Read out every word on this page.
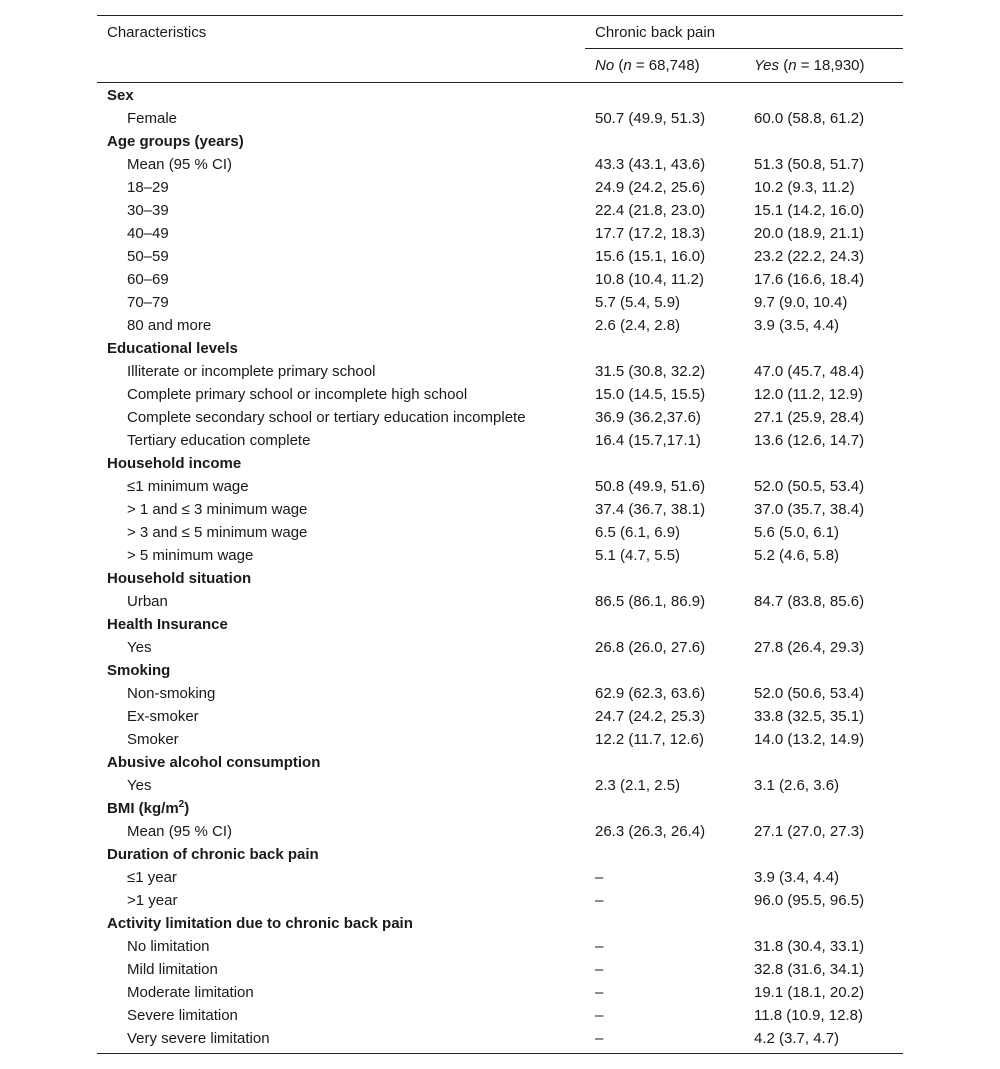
Characteristics	Chronic back pain
No (n = 68,748)	Yes (n = 18,930)
Sex
Female	50.7 (49.9, 51.3)	60.0 (58.8, 61.2)
Age groups (years)
Mean (95 % CI)	43.3 (43.1, 43.6)	51.3 (50.8, 51.7)
18–29	24.9 (24.2, 25.6)	10.2 (9.3, 11.2)
30–39	22.4 (21.8, 23.0)	15.1 (14.2, 16.0)
40–49	17.7 (17.2, 18.3)	20.0 (18.9, 21.1)
50–59	15.6 (15.1, 16.0)	23.2 (22.2, 24.3)
60–69	10.8 (10.4, 11.2)	17.6 (16.6, 18.4)
70–79	5.7 (5.4, 5.9)	9.7 (9.0, 10.4)
80 and more	2.6 (2.4, 2.8)	3.9 (3.5, 4.4)
Educational levels
Illiterate or incomplete primary school	31.5 (30.8, 32.2)	47.0 (45.7, 48.4)
Complete primary school or incomplete high school	15.0 (14.5, 15.5)	12.0 (11.2, 12.9)
Complete secondary school or tertiary education incomplete	36.9 (36.2,37.6)	27.1 (25.9, 28.4)
Tertiary education complete	16.4 (15.7,17.1)	13.6 (12.6, 14.7)
Household income
≤1 minimum wage	50.8 (49.9, 51.6)	52.0 (50.5, 53.4)
> 1 and ≤ 3 minimum wage	37.4 (36.7, 38.1)	37.0 (35.7, 38.4)
> 3 and ≤ 5 minimum wage	6.5 (6.1, 6.9)	5.6 (5.0, 6.1)
> 5 minimum wage	5.1 (4.7, 5.5)	5.2 (4.6, 5.8)
Household situation
Urban	86.5 (86.1, 86.9)	84.7 (83.8, 85.6)
Health Insurance
Yes	26.8 (26.0, 27.6)	27.8 (26.4, 29.3)
Smoking
Non-smoking	62.9 (62.3, 63.6)	52.0 (50.6, 53.4)
Ex-smoker	24.7 (24.2, 25.3)	33.8 (32.5, 35.1)
Smoker	12.2 (11.7, 12.6)	14.0 (13.2, 14.9)
Abusive alcohol consumption
Yes	2.3 (2.1, 2.5)	3.1 (2.6, 3.6)
BMI $(kg/m^2)$
Mean (95 % CI)	26.3 (26.3, 26.4)	27.1 (27.0, 27.3)
Duration of chronic back pain
≤1 year	–	3.9 (3.4, 4.4)
>1 year	–	96.0 (95.5, 96.5)
Activity limitation due to chronic back pain
No limitation	–	31.8 (30.4, 33.1)
Mild limitation	–	32.8 (31.6, 34.1)
Moderate limitation	–	19.1 (18.1, 20.2)
Severe limitation	–	11.8 (10.9, 12.8)
Very severe limitation	–	4.2 (3.7, 4.7)
